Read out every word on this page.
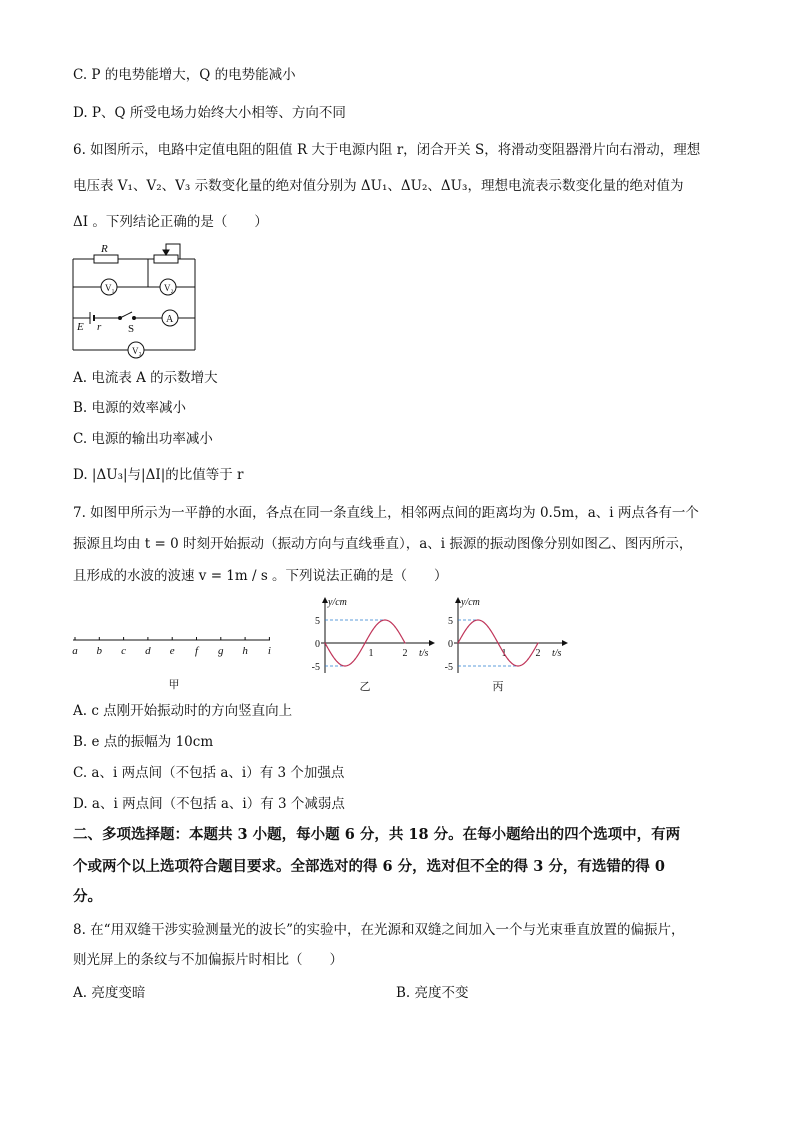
C. P 的电势能增大，Q 的电势能减小
D. P、Q 所受电场力始终大小相等、方向不同
6. 如图所示，电路中定值电阻的阻值 R 大于电源内阻 r，闭合开关 S，将滑动变阻器滑片向右滑动，理想
电压表 V₁、V₂、V₃ 示数变化量的绝对值分别为 ΔU₁、ΔU₂、ΔU₃，理想电流表示数变化量的绝对值为
ΔI 。下列结论正确的是（　　）
R
V₁	V₂
A
V₃
E r S
A. 电流表 A 的示数增大
B. 电源的效率减小
C. 电源的输出功率减小
D. |ΔU₃|与|ΔI|的比值等于 r
7. 如图甲所示为一平静的水面，各点在同一条直线上，相邻两点间的距离均为 0.5m，a、i 两点各有一个
振源且均由 t = 0 时刻开始振动（振动方向与直线垂直），a、i 振源的振动图像分别如图乙、图丙所示，
且形成的水波的波速 v = 1m / s 。下列说法正确的是（　　）
a b c d e f g h i
甲
y/cm
t/s
5
0
-5
1	2
乙
y/cm
t/s
5
0
-5
1	2
丙
A. c 点刚开始振动时的方向竖直向上
B. e 点的振幅为 10cm
C. a、i 两点间（不包括 a、i）有 3 个加强点
D. a、i 两点间（不包括 a、i）有 3 个减弱点
二、多项选择题：本题共 3 小题，每小题 6 分，共 18 分。在每小题给出的四个选项中，有两
个或两个以上选项符合题目要求。全部选对的得 6 分，选对但不全的得 3 分，有选错的得 0
分。
8. 在“用双缝干涉实验测量光的波长”的实验中，在光源和双缝之间加入一个与光束垂直放置的偏振片，
则光屏上的条纹与不加偏振片时相比（　　）
A. 亮度变暗	B. 亮度不变
